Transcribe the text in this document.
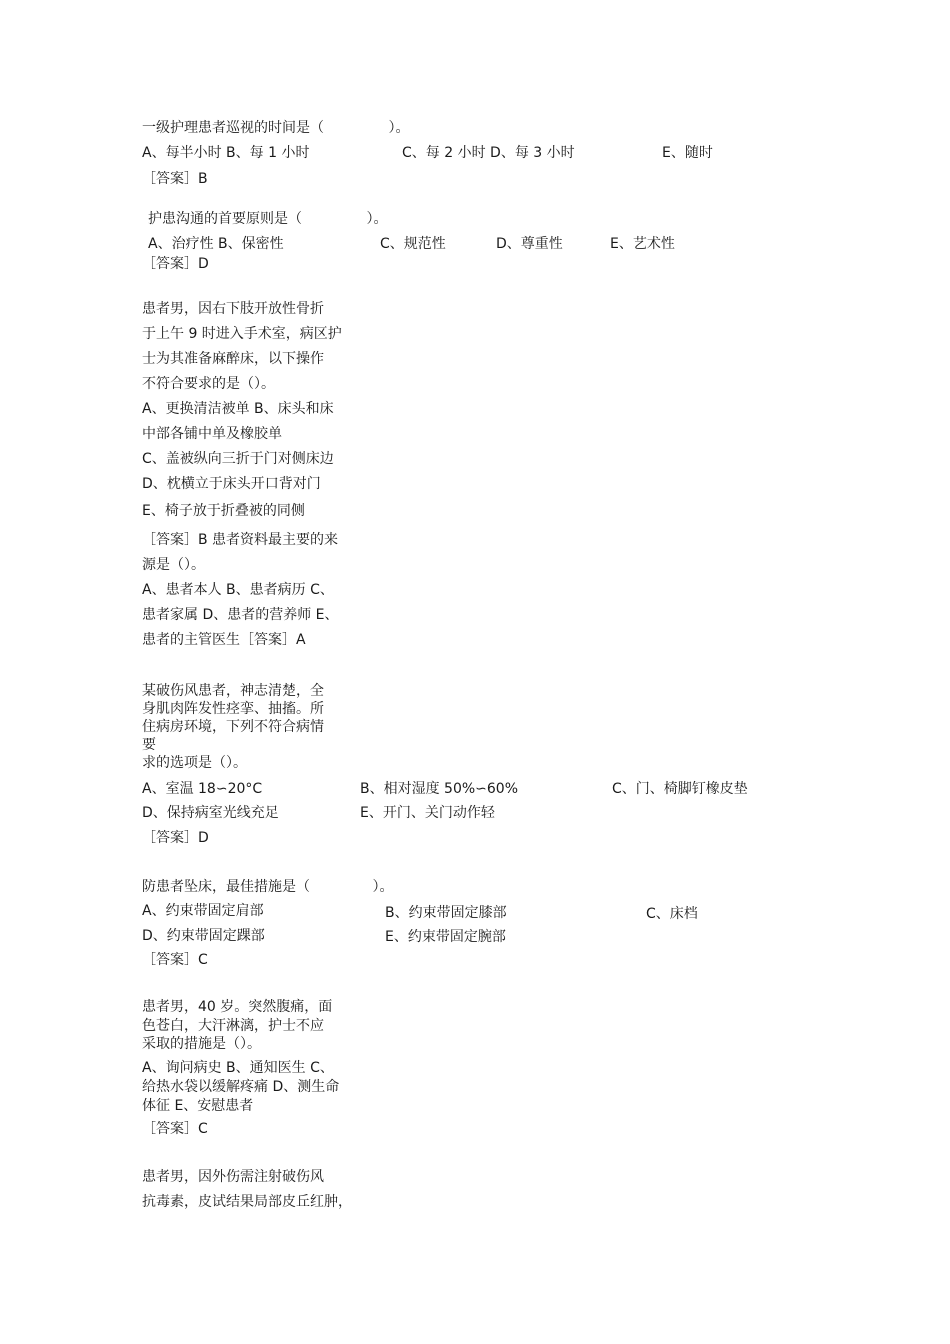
一级护理患者巡视的时间是（ ）。
A、每半小时 B、每 1 小时	C、每 2 小时 D、每 3 小时	E、随时
［答案］B
护患沟通的首要原则是（ ）。
A、治疗性 B、保密性	C、规范性	D、尊重性	E、艺术性
［答案］D
患者男，因右下肢开放性骨折
于上午 9 时进入手术室，病区护
士为其准备麻醉床，以下操作
不符合要求的是（）。
A、更换清洁被单 B、床头和床
中部各铺中单及橡胶单
C、盖被纵向三折于门对侧床边
D、枕横立于床头开口背对门
E、椅子放于折叠被的同侧
［答案］B 患者资料最主要的来
源是（）。
A、患者本人 B、患者病历 C、
患者家属 D、患者的营养师 E、
患者的主管医生［答案］A
某破伤风患者，神志清楚，全
身肌肉阵发性痉挛、抽搐。所
住病房环境，下列不符合病情
要
求的选项是（）。
A、室温 18∽20°C	B、相对湿度 50%∽60%	C、门、椅脚钉橡皮垫
D、保持病室光线充足	E、开门、关门动作轻
［答案］D
防患者坠床，最佳措施是（ ）。
A、约束带固定肩部	B、约束带固定膝部	C、床档
D、约束带固定踝部	E、约束带固定腕部
［答案］C
患者男，40 岁。突然腹痛，面
色苍白，大汗淋漓，护士不应
采取的措施是（）。
A、询问病史 B、通知医生 C、
给热水袋以缓解疼痛 D、测生命
体征 E、安慰患者
［答案］C
患者男，因外伤需注射破伤风
抗毒素，皮试结果局部皮丘红肿，
